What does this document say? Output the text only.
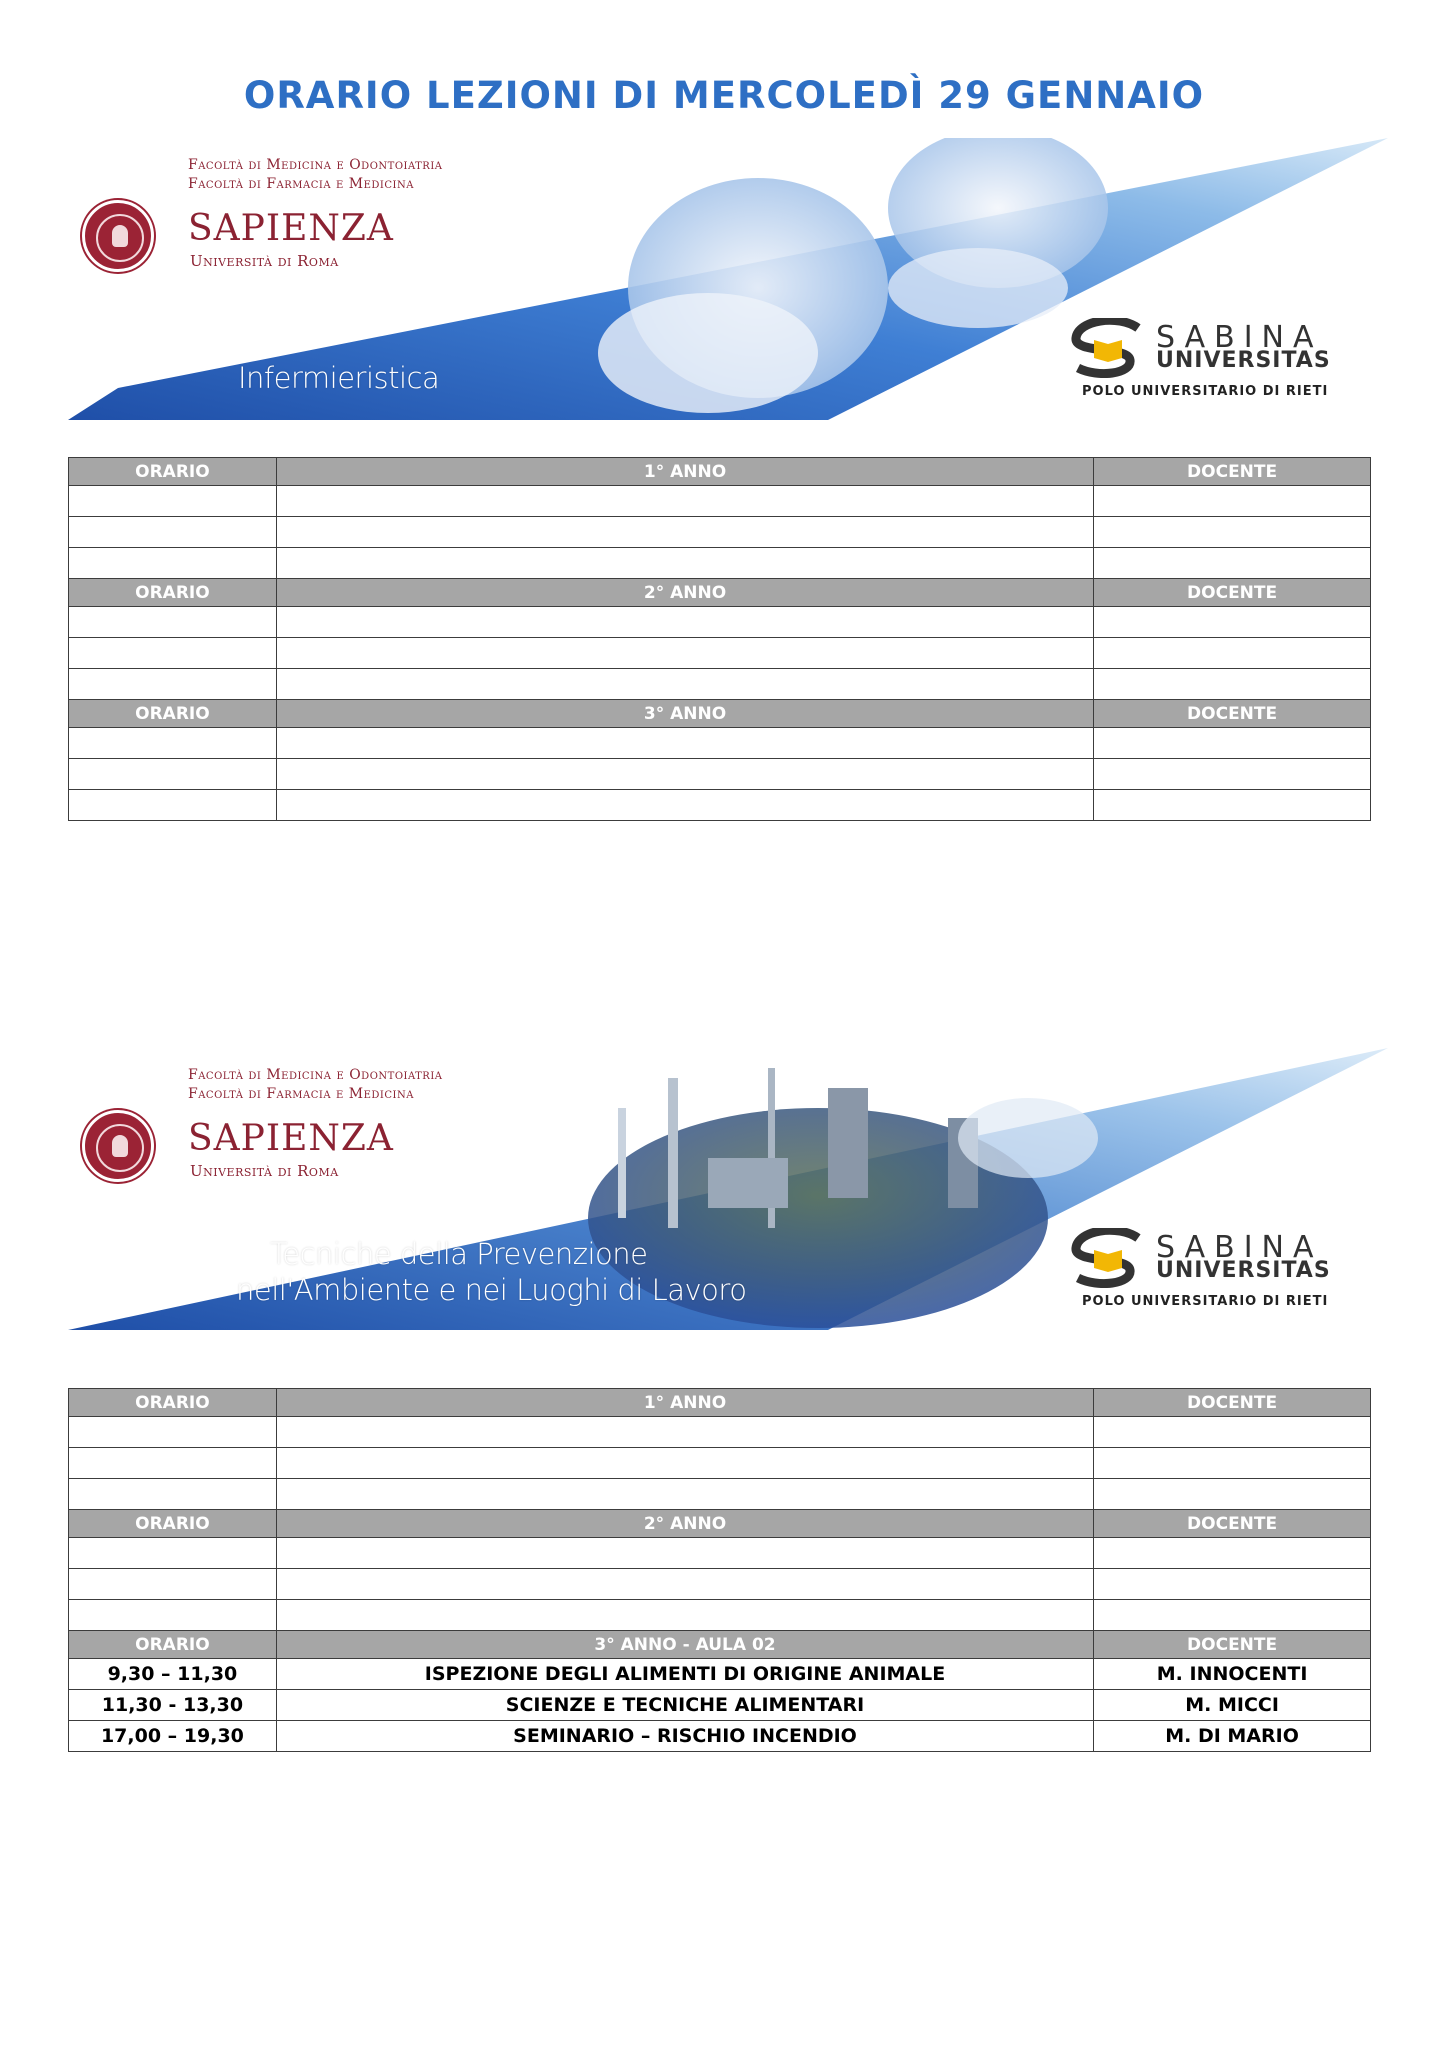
ORARIO LEZIONI DI MERCOLEDÌ 29 GENNAIO
Facoltà di Medicina e Odontoiatria
Facoltà di Farmacia e Medicina
SAPIENZA
Università di Roma
Infermieristica
SABINA
UNIVERSITAS
POLO UNIVERSITARIO DI RIETI
ORARIO	1° ANNO	DOCENTE

ORARIO	2° ANNO	DOCENTE

ORARIO	3° ANNO	DOCENTE

Facoltà di Medicina e Odontoiatria
Facoltà di Farmacia e Medicina
SAPIENZA
Università di Roma
Tecniche della Prevenzione
nell'Ambiente e nei Luoghi di Lavoro
SABINA
UNIVERSITAS
POLO UNIVERSITARIO DI RIETI
ORARIO	1° ANNO	DOCENTE

ORARIO	2° ANNO	DOCENTE

ORARIO	3° ANNO - AULA 02	DOCENTE
9,30 – 11,30	ISPEZIONE DEGLI ALIMENTI DI ORIGINE ANIMALE	M. INNOCENTI
11,30 - 13,30	SCIENZE E TECNICHE ALIMENTARI	M. MICCI
17,00 – 19,30	SEMINARIO – RISCHIO INCENDIO	M. DI MARIO
